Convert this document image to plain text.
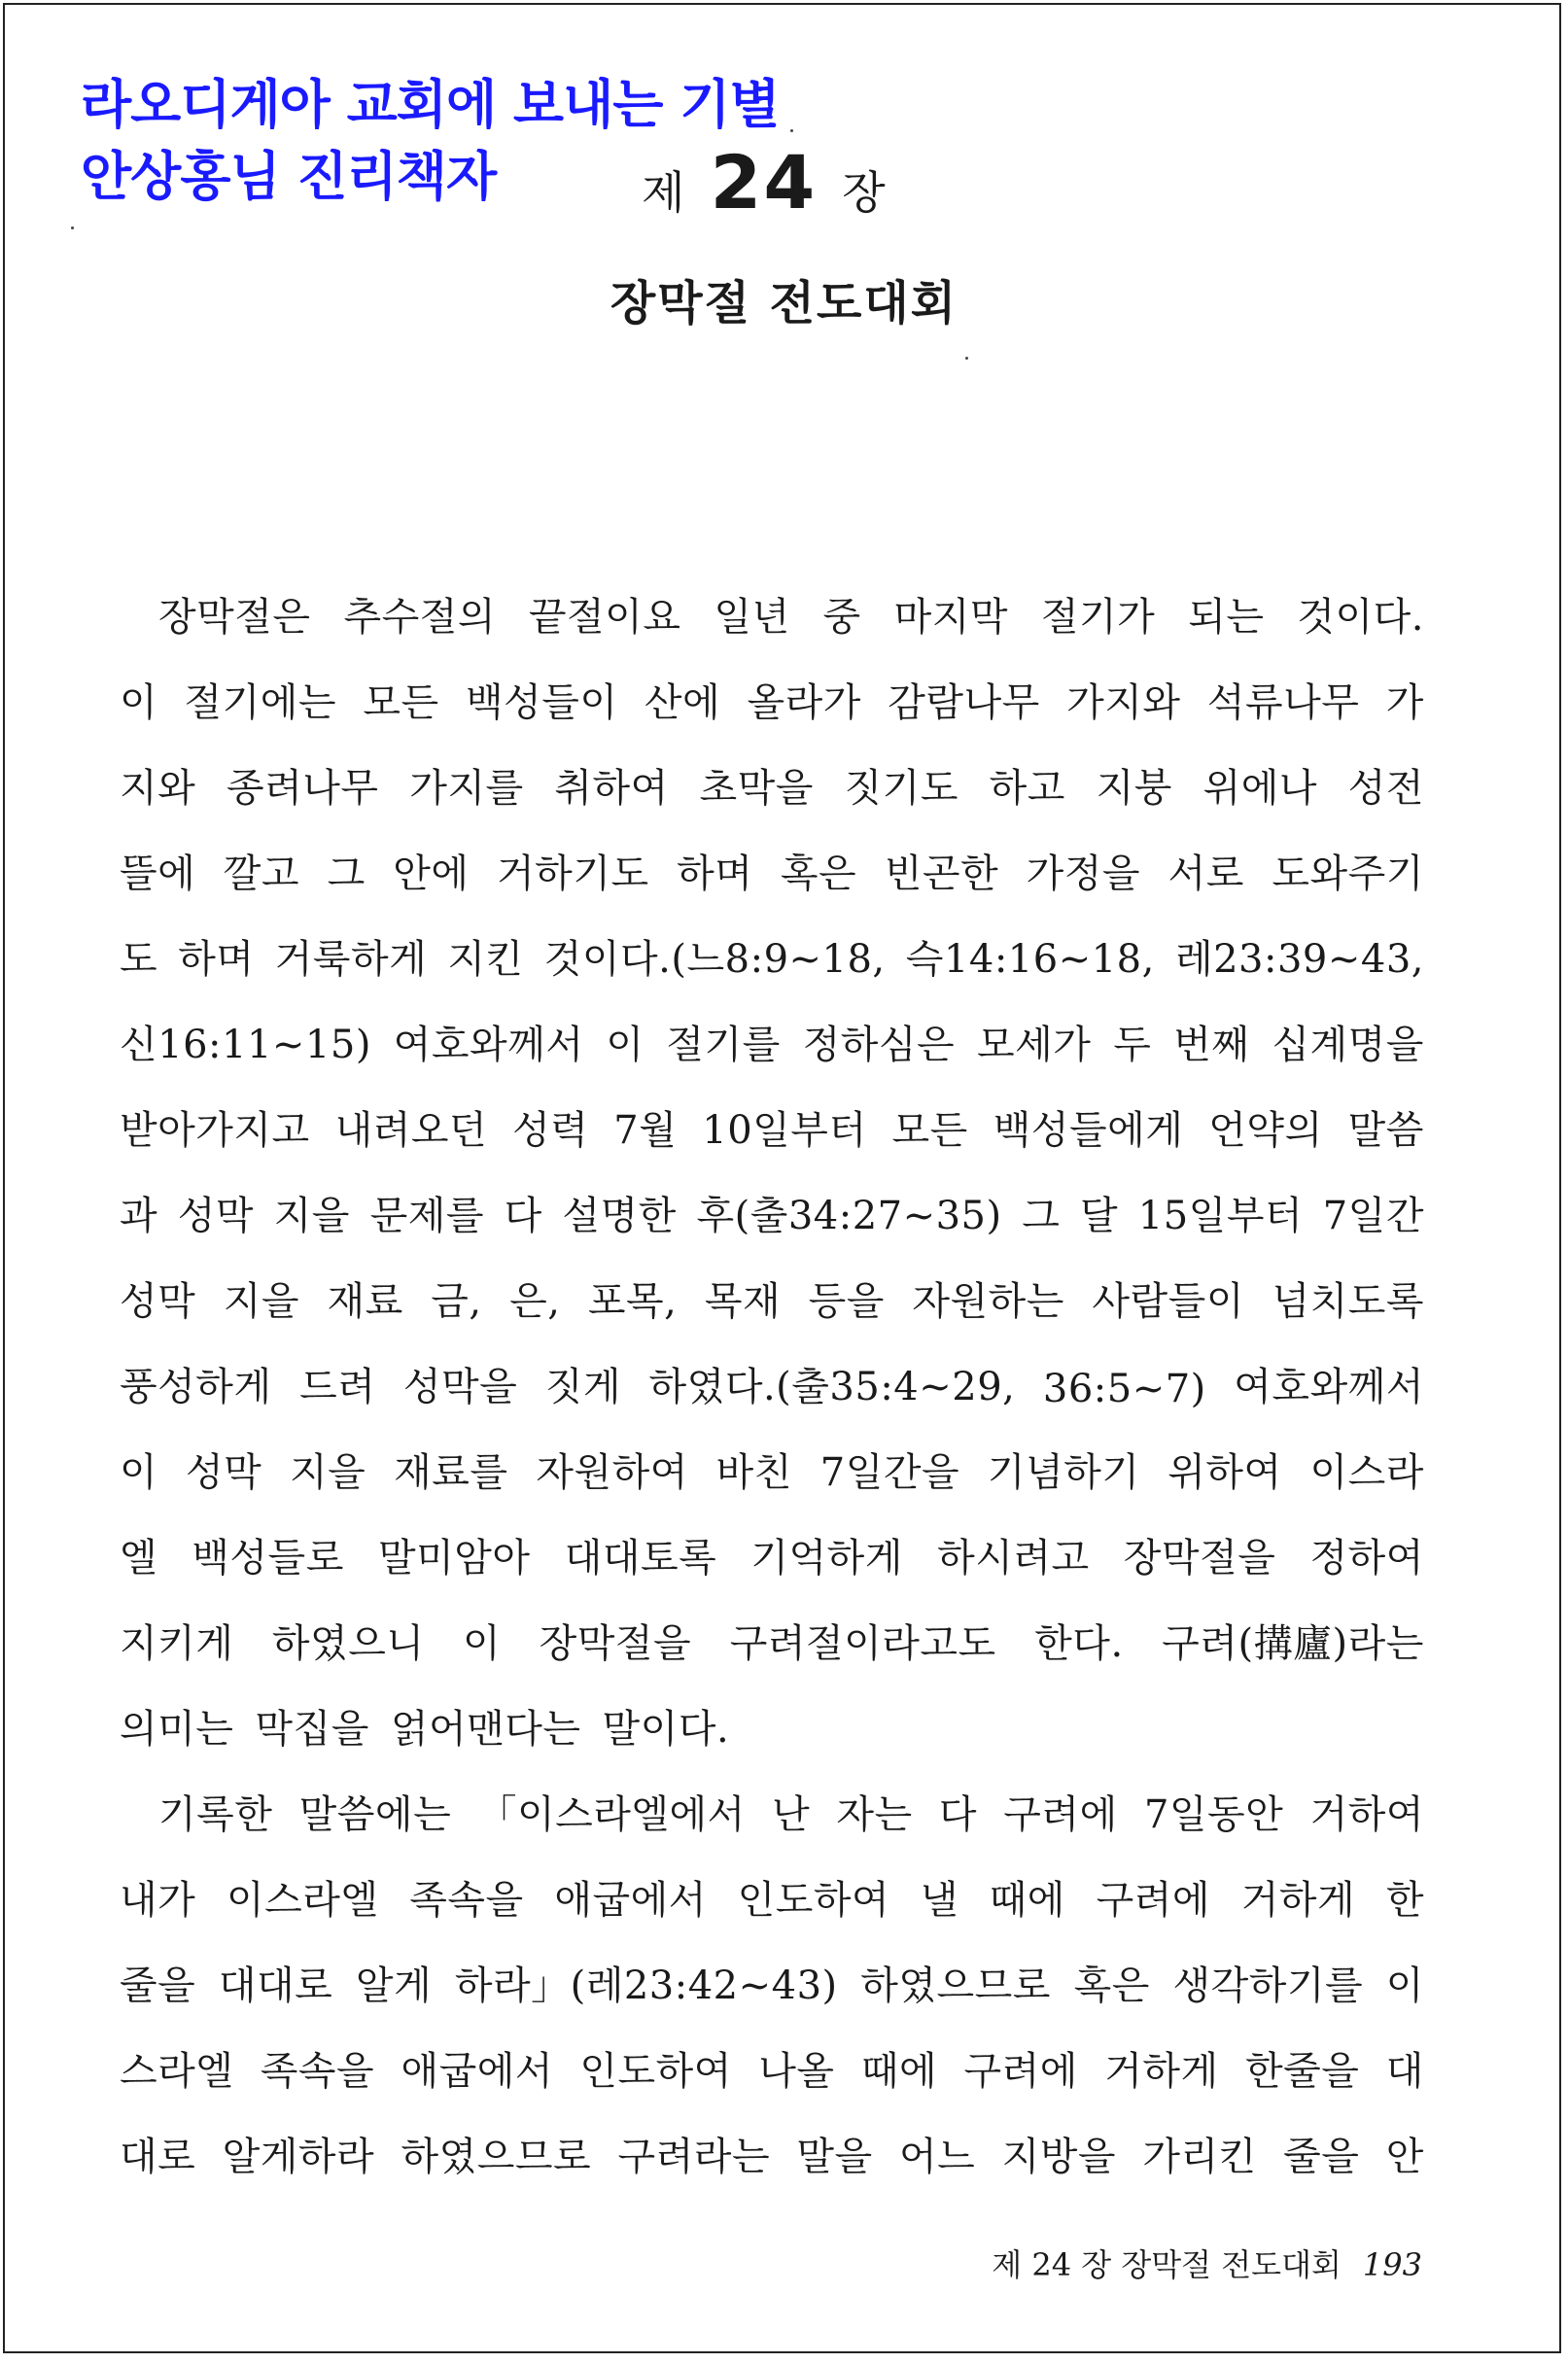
라오디게아 교회에 보내는 기별
안상홍님 진리책자	제 24 장
장막절 전도대회
장막절은 추수절의 끝절이요 일년 중 마지막 절기가 되는 것이다.
이 절기에는 모든 백성들이 산에 올라가 감람나무 가지와 석류나무 가
지와 종려나무 가지를 취하여 초막을 짓기도 하고 지붕 위에나 성전
뜰에 깔고 그 안에 거하기도 하며 혹은 빈곤한 가정을 서로 도와주기
도 하며 거룩하게 지킨 것이다.(느8:9~18, 슥14:16~18, 레23:39~43,
신16:11~15) 여호와께서 이 절기를 정하심은 모세가 두 번째 십계명을
받아가지고 내려오던 성력 7월 10일부터 모든 백성들에게 언약의 말씀
과 성막 지을 문제를 다 설명한 후(출34:27~35) 그 달 15일부터 7일간
성막 지을 재료 금, 은, 포목, 목재 등을 자원하는 사람들이 넘치도록
풍성하게 드려 성막을 짓게 하였다.(출35:4~29, 36:5~7) 여호와께서
이 성막 지을 재료를 자원하여 바친 7일간을 기념하기 위하여 이스라
엘 백성들로 말미암아 대대토록 기억하게 하시려고 장막절을 정하여
지키게 하였으니 이 장막절을 구려절이라고도 한다. 구려(搆廬)라는
의미는 막집을 얽어맨다는 말이다.
기록한 말씀에는 「이스라엘에서 난 자는 다 구려에 7일동안 거하여
내가 이스라엘 족속을 애굽에서 인도하여 낼 때에 구려에 거하게 한
줄을 대대로 알게 하라」(레23:42~43) 하였으므로 혹은 생각하기를 이
스라엘 족속을 애굽에서 인도하여 나올 때에 구려에 거하게 한줄을 대
대로 알게하라 하였으므로 구려라는 말을 어느 지방을 가리킨 줄을 안
제 24 장 장막절 전도대회 193
